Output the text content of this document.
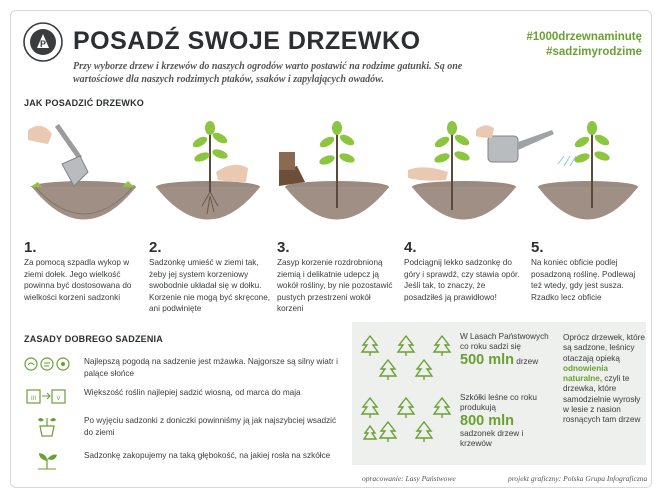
P POSADŹ SWOJE DRZEWKO	#1000drzewnaminutę
#sadzimyrodzime
Przy wyborze drzew i krzewów do naszych ogrodów warto postawić na rodzime gatunki. Są one wartościowe dla naszych rodzimych ptaków, ssaków i zapylających owadów.
JAK POSADZIĆ DRZEWKO
1.
Za pomocą szpadla wykop w ziemi dołek. Jego wielkość powinna być dostosowana do wielkości korzeni sadzonki
2.
Sadzonkę umieść w ziemi tak, żeby jej system korzeniowy swobodnie układał się w dołku. Korzenie nie mogą być skręcone, ani podwinięte
3.
Zasyp korzenie rozdrobnioną ziemią i delikatnie udepcz ją wokół rośliny, by nie pozostawić pustych przestrzeni wokół korzeni
4.
Podciągnij lekko sadzonkę do góry i sprawdź, czy stawia opór. Jeśli tak, to znaczy, że posadziłeś ją prawidłowo!
5.
Na koniec obficie podlej posadzoną roślinę. Podlewaj też wtedy, gdy jest susza. Rzadko lecz obficie
ZASADY DOBREGO SADZENIA
Najlepszą pogodą na sadzenie jest mżawka. Najgorsze są silny wiatr i palące słońce
III	V
Większość roślin najlepiej sadzić wiosną, od marca do maja
Po wyjęciu sadzonki z doniczki powinniśmy ją jak najszybciej wsadzić do ziemi
Sadzonkę zakopujemy na taką głębokość, na jakiej rosła na szkółce
W Lasach Państwowych co roku sadzi się
500 mln drzew
Szkółki leśne co roku produkują
800 mln
sadzonek drzew i krzewów
Oprócz drzewek, które są sadzone, leśnicy otaczają opieką odnowienia naturalne, czyli te drzewka, które samodzielnie wyrosły w lesie z nasion rosnących tam drzew
opracowanie: Lasy Państwowe	projekt graficzny: Polska Grupa Infograficzna
